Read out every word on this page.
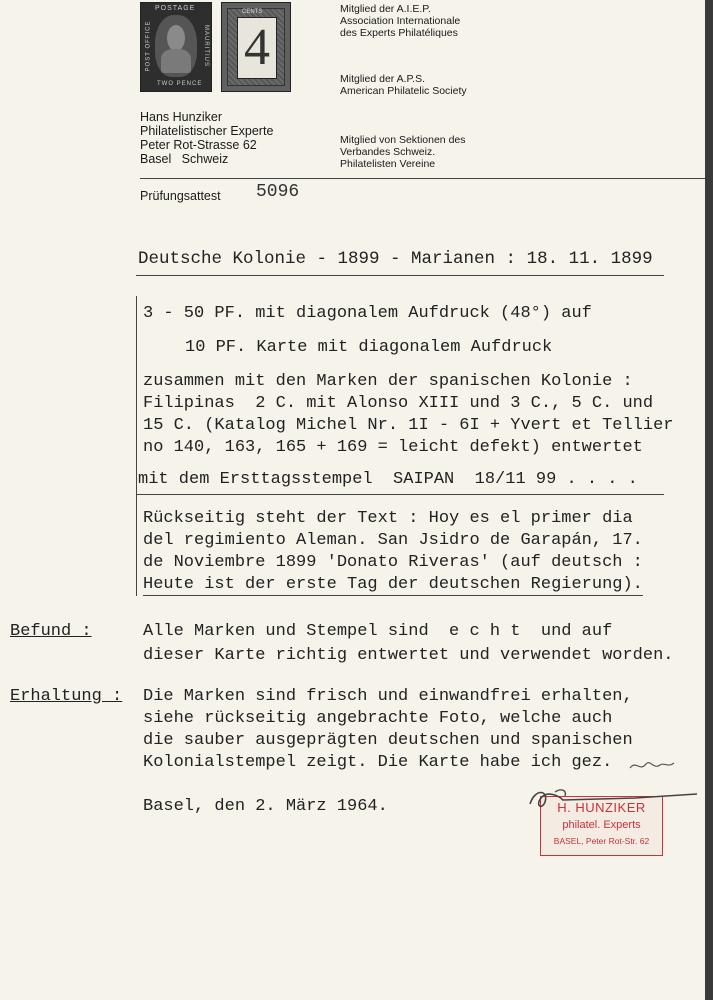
POSTAGE
POST OFFICE	MAURITIUS
TWO PENCE
CENTS
4
Mitglied der A.I.E.P.
Association Internationale
des Experts Philatéliques
Mitglied der A.P.S.
American Philatelic Society
Mitglied von Sektionen des
Verbandes Schweiz.
Philatelisten Vereine
Hans Hunziker
Philatelistischer Experte
Peter Rot-Strasse 62
Basel   Schweiz
Prüfungsattest 5096
Deutsche Kolonie - 1899 - Marianen : 18. 11. 1899
3 - 50 PF. mit diagonalem Aufdruck (48°) auf
10 PF. Karte mit diagonalem Aufdruck
zusammen mit den Marken der spanischen Kolonie :
Filipinas  2 C. mit Alonso XIII und 3 C., 5 C. und
15 C. (Katalog Michel Nr. 1I - 6I + Yvert et Tellier
no 140, 163, 165 + 169 = leicht defekt) entwertet
mit dem Ersttagsstempel  SAIPAN  18/11 99 . . . .
Rückseitig steht der Text : Hoy es el primer dia
del regimiento Aleman. San Jsidro de Garapán, 17.
de Noviembre 1899 'Donato Riveras' (auf deutsch :
Heute ist der erste Tag der deutschen Regierung).
Befund :	Alle Marken und Stempel sind  e c h t  und auf
dieser Karte richtig entwertet und verwendet worden.
Erhaltung : Die Marken sind frisch und einwandfrei erhalten,
siehe rückseitig angebrachte Foto, welche auch
die sauber ausgeprägten deutschen und spanischen
Kolonialstempel zeigt. Die Karte habe ich gez.
Basel, den 2. März 1964.	H. HUNZIKER
philatel. Experts
BASEL, Peter Rot-Str. 62
